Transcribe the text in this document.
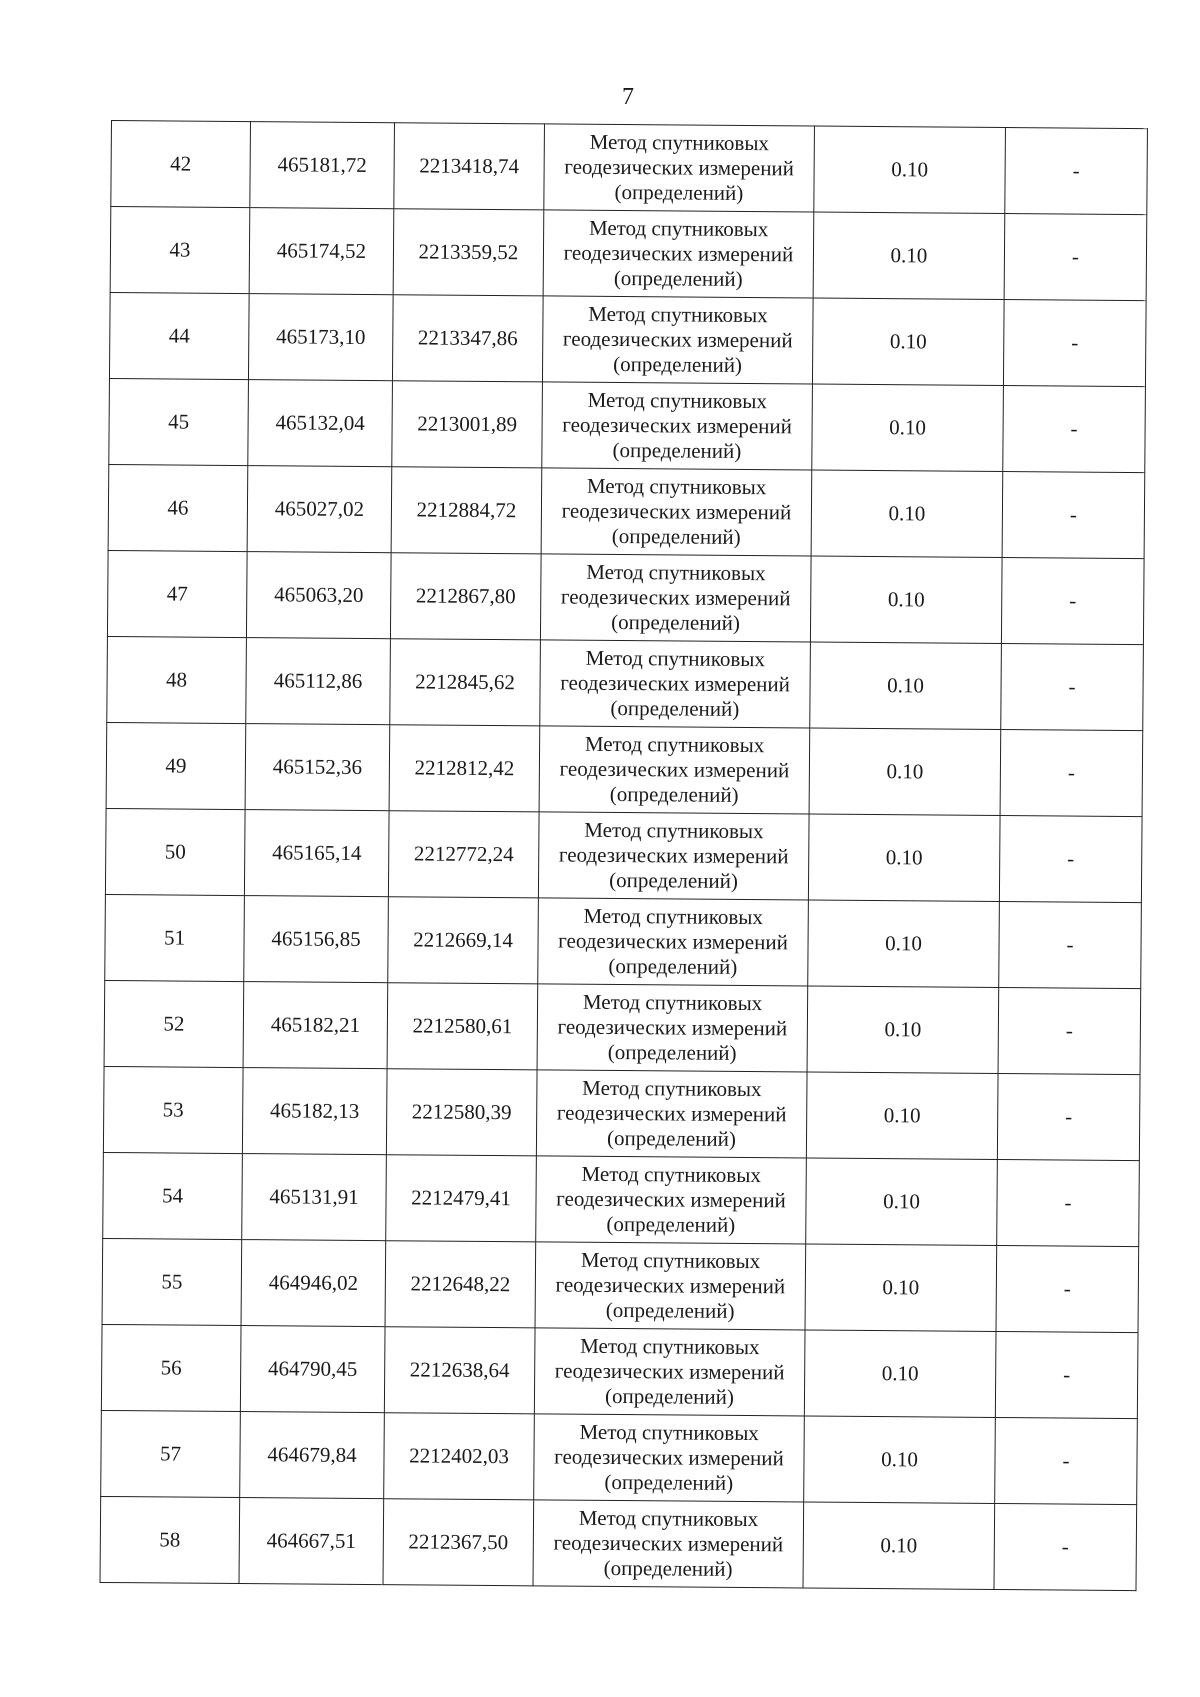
7
42	465181,72	2213418,74	Метод спутниковых
геодезических измерений
(определений)	0.10	-
43	465174,52	2213359,52	Метод спутниковых
геодезических измерений
(определений)	0.10	-
44	465173,10	2213347,86	Метод спутниковых
геодезических измерений
(определений)	0.10	-
45	465132,04	2213001,89	Метод спутниковых
геодезических измерений
(определений)	0.10	-
46	465027,02	2212884,72	Метод спутниковых
геодезических измерений
(определений)	0.10	-
47	465063,20	2212867,80	Метод спутниковых
геодезических измерений
(определений)	0.10	-
48	465112,86	2212845,62	Метод спутниковых
геодезических измерений
(определений)	0.10	-
49	465152,36	2212812,42	Метод спутниковых
геодезических измерений
(определений)	0.10	-
50	465165,14	2212772,24	Метод спутниковых
геодезических измерений
(определений)	0.10	-
51	465156,85	2212669,14	Метод спутниковых
геодезических измерений
(определений)	0.10	-
52	465182,21	2212580,61	Метод спутниковых
геодезических измерений
(определений)	0.10	-
53	465182,13	2212580,39	Метод спутниковых
геодезических измерений
(определений)	0.10	-
54	465131,91	2212479,41	Метод спутниковых
геодезических измерений
(определений)	0.10	-
55	464946,02	2212648,22	Метод спутниковых
геодезических измерений
(определений)	0.10	-
56	464790,45	2212638,64	Метод спутниковых
геодезических измерений
(определений)	0.10	-
57	464679,84	2212402,03	Метод спутниковых
геодезических измерений
(определений)	0.10	-
58	464667,51	2212367,50	Метод спутниковых
геодезических измерений
(определений)	0.10	-
